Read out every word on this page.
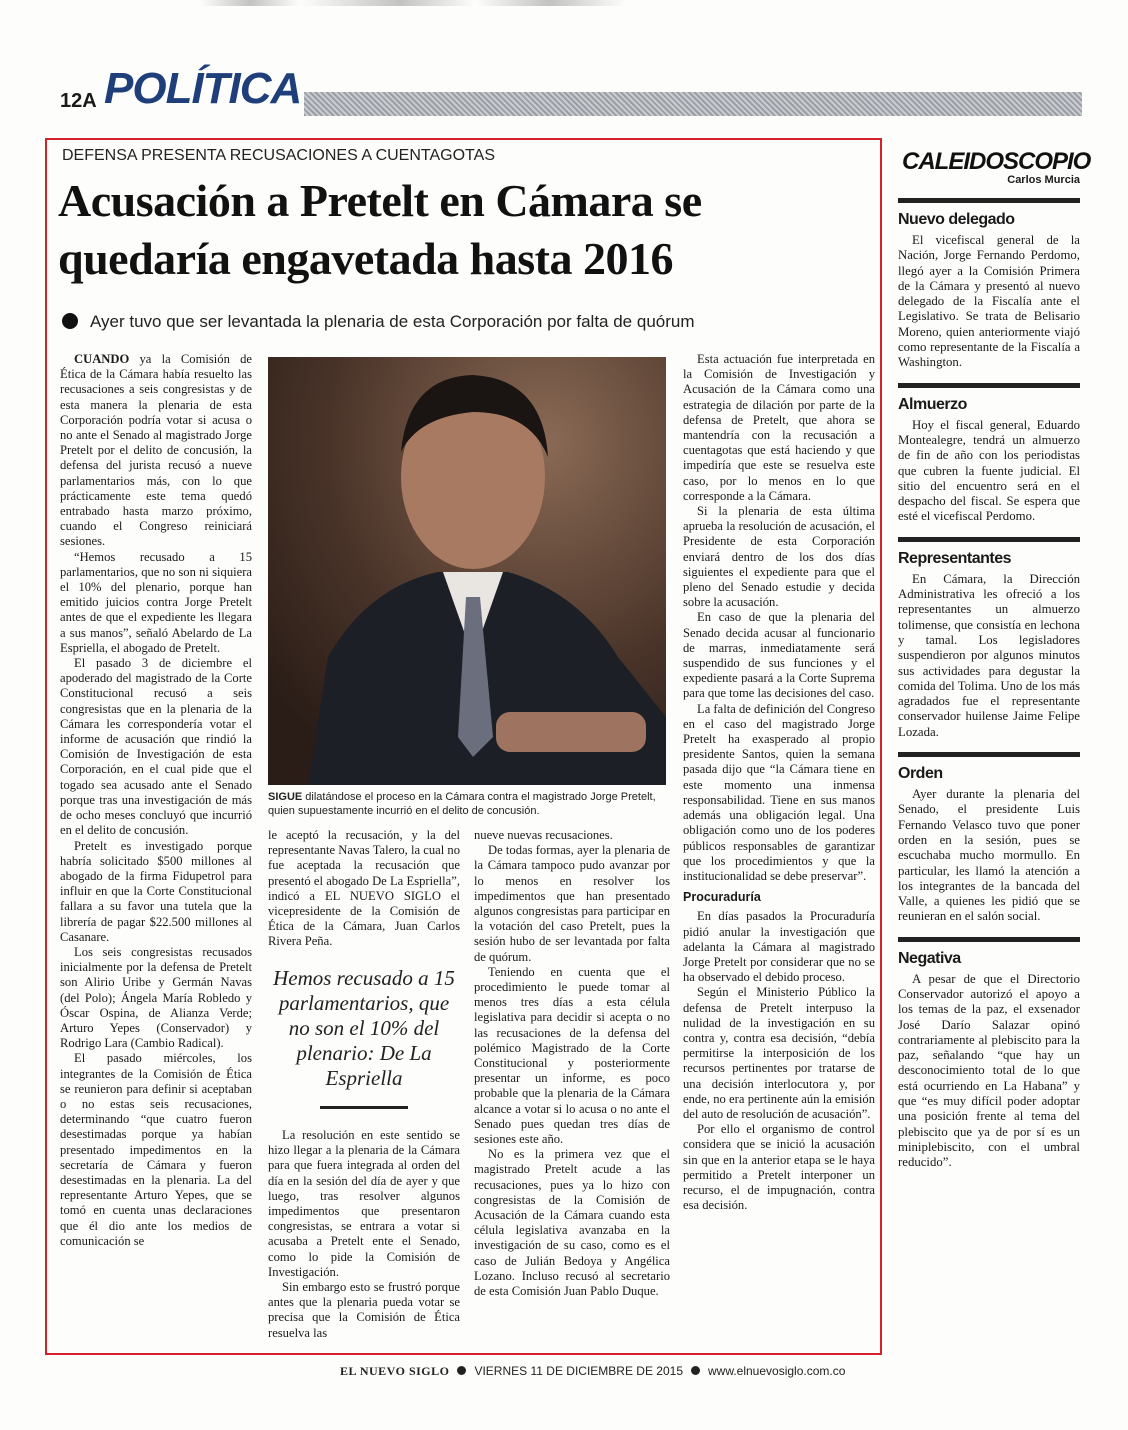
12A POLÍTICA
DEFENSA PRESENTA RECUSACIONES A CUENTAGOTAS
Acusación a Pretelt en Cámara se quedaría engavetada hasta 2016
Ayer tuvo que ser levantada la plenaria de esta Corporación por falta de quórum

CUANDO ya la Comisión de Ética de la Cámara había resuelto las recusaciones a seis congresistas y de esta manera la plenaria de esta Corporación podría votar si acusa o no ante el Senado al magistrado Jorge Pretelt por el delito de concusión, la defensa del jurista recusó a nueve parlamentarios más, con lo que prácticamente este tema quedó entrabado hasta marzo próximo, cuando el Congreso reiniciará sesiones.

“Hemos recusado a 15 parlamentarios, que no son ni siquiera el 10% del plenario, porque han emitido juicios contra Jorge Pretelt antes de que el expediente les llegara a sus manos”, señaló Abelardo de La Espriella, el abogado de Pretelt.

El pasado 3 de diciembre el apoderado del magistrado de la Corte Constitucional recusó a seis congresistas que en la plenaria de la Cámara les correspondería votar el informe de acusación que rindió la Comisión de Investigación de esta Corporación, en el cual pide que el togado sea acusado ante el Senado porque tras una investigación de más de ocho meses concluyó que incurrió en el delito de concusión.

Pretelt es investigado porque habría solicitado $500 millones al abogado de la firma Fidupetrol para influir en que la Corte Constitucional fallara a su favor una tutela que la librería de pagar $22.500 millones al Casanare.

Los seis congresistas recusados inicialmente por la defensa de Pretelt son Alirio Uribe y Germán Navas (del Polo); Ángela María Robledo y Óscar Ospina, de Alianza Verde; Arturo Yepes (Conservador) y Rodrigo Lara (Cambio Radical).

El pasado miércoles, los integrantes de la Comisión de Ética se reunieron para definir si aceptaban o no estas seis recusaciones, determinando “que cuatro fueron desestimadas porque ya habían presentado impedimentos en la secretaría de Cámara y fueron desestimadas en la plenaria. La del representante Arturo Yepes, que se tomó en cuenta unas declaraciones que él dio ante los medios de comunicación se

SIGUE dilatándose el proceso en la Cámara contra el magistrado Jorge Pretelt, quien supuestamente incurrió en el delito de concusión.

le aceptó la recusación, y la del representante Navas Talero, la cual no fue aceptada la recusación que presentó el abogado De La Espriella”, indicó a EL NUEVO SIGLO el vicepresidente de la Comisión de Ética de la Cámara, Juan Carlos Rivera Peña.

Hemos recusado a 15 parlamentarios, que no son el 10% del plenario: De La Espriella

La resolución en este sentido se hizo llegar a la plenaria de la Cámara para que fuera integrada al orden del día en la sesión del día de ayer y que luego, tras resolver algunos impedimentos que presentaron congresistas, se entrara a votar si acusaba a Pretelt ente el Senado, como lo pide la Comisión de Investigación.

Sin embargo esto se frustró porque antes que la plenaria pueda votar se precisa que la Comisión de Ética resuelva las

nueve nuevas recusaciones.

De todas formas, ayer la plenaria de la Cámara tampoco pudo avanzar por lo menos en resolver los impedimentos que han presentado algunos congresistas para participar en la votación del caso Pretelt, pues la sesión hubo de ser levantada por falta de quórum.

Teniendo en cuenta que el procedimiento le puede tomar al menos tres días a esta célula legislativa para decidir si acepta o no las recusaciones de la defensa del polémico Magistrado de la Corte Constitucional y posteriormente presentar un informe, es poco probable que la plenaria de la Cámara alcance a votar si lo acusa o no ante el Senado pues quedan tres días de sesiones este año.

No es la primera vez que el magistrado Pretelt acude a las recusaciones, pues ya lo hizo con congresistas de la Comisión de Acusación de la Cámara cuando esta célula legislativa avanzaba en la investigación de su caso, como es el caso de Julián Bedoya y Angélica Lozano. Incluso recusó al secretario de esta Comisión Juan Pablo Duque.

Esta actuación fue interpretada en la Comisión de Investigación y Acusación de la Cámara como una estrategia de dilación por parte de la defensa de Pretelt, que ahora se mantendría con la recusación a cuentagotas que está haciendo y que impediría que este se resuelva este caso, por lo menos en lo que corresponde a la Cámara.

Si la plenaria de esta última aprueba la resolución de acusación, el Presidente de esta Corporación enviará dentro de los dos días siguientes el expediente para que el pleno del Senado estudie y decida sobre la acusación.

En caso de que la plenaria del Senado decida acusar al funcionario de marras, inmediatamente será suspendido de sus funciones y el expediente pasará a la Corte Suprema para que tome las decisiones del caso.

La falta de definición del Congreso en el caso del magistrado Jorge Pretelt ha exasperado al propio presidente Santos, quien la semana pasada dijo que “la Cámara tiene en este momento una inmensa responsabilidad. Tiene en sus manos además una obligación legal. Una obligación como uno de los poderes públicos responsables de garantizar que los procedimientos y que la institucionalidad se debe preservar”.

Procuraduría

En días pasados la Procuraduría pidió anular la investigación que adelanta la Cámara al magistrado Jorge Pretelt por considerar que no se ha observado el debido proceso.

Según el Ministerio Público la defensa de Pretelt interpuso la nulidad de la investigación en su contra y, contra esa decisión, “debía permitirse la interposición de los recursos pertinentes por tratarse de una decisión interlocutora y, por ende, no era pertinente aún la emisión del auto de resolución de acusación”.

Por ello el organismo de control considera que se inició la acusación sin que en la anterior etapa se le haya permitido a Pretelt interponer un recurso, el de impugnación, contra esa decisión.

CALEIDOSCOPIO
Carlos Murcia
Nuevo delegado
El vicefiscal general de la Nación, Jorge Fernando Perdomo, llegó ayer a la Comisión Primera de la Cámara y presentó al nuevo delegado de la Fiscalía ante el Legislativo. Se trata de Belisario Moreno, quien anteriormente viajó como representante de la Fiscalía a Washington.
Almuerzo
Hoy el fiscal general, Eduardo Montealegre, tendrá un almuerzo de fin de año con los periodistas que cubren la fuente judicial. El sitio del encuentro será en el despacho del fiscal. Se espera que esté el vicefiscal Perdomo.
Representantes
En Cámara, la Dirección Administrativa les ofreció a los representantes un almuerzo tolimense, que consistía en lechona y tamal. Los legisladores suspendieron por algunos minutos sus actividades para degustar la comida del Tolima. Uno de los más agradados fue el representante conservador huilense Jaime Felipe Lozada.
Orden
Ayer durante la plenaria del Senado, el presidente Luis Fernando Velasco tuvo que poner orden en la sesión, pues se escuchaba mucho mormullo. En particular, les llamó la atención a los integrantes de la bancada del Valle, a quienes les pidió que se reunieran en el salón social.
Negativa
A pesar de que el Directorio Conservador autorizó el apoyo a los temas de la paz, el exsenador José Darío Salazar opinó contrariamente al plebiscito para la paz, señalando “que hay un desconocimiento total de lo que está ocurriendo en La Habana” y que “es muy difícil poder adoptar una posición frente al tema del plebiscito que ya de por sí es un miniplebiscito, con el umbral reducido”.
EL NUEVO SIGLO VIERNES 11 DE DICIEMBRE DE 2015 www.elnuevosiglo.com.co
